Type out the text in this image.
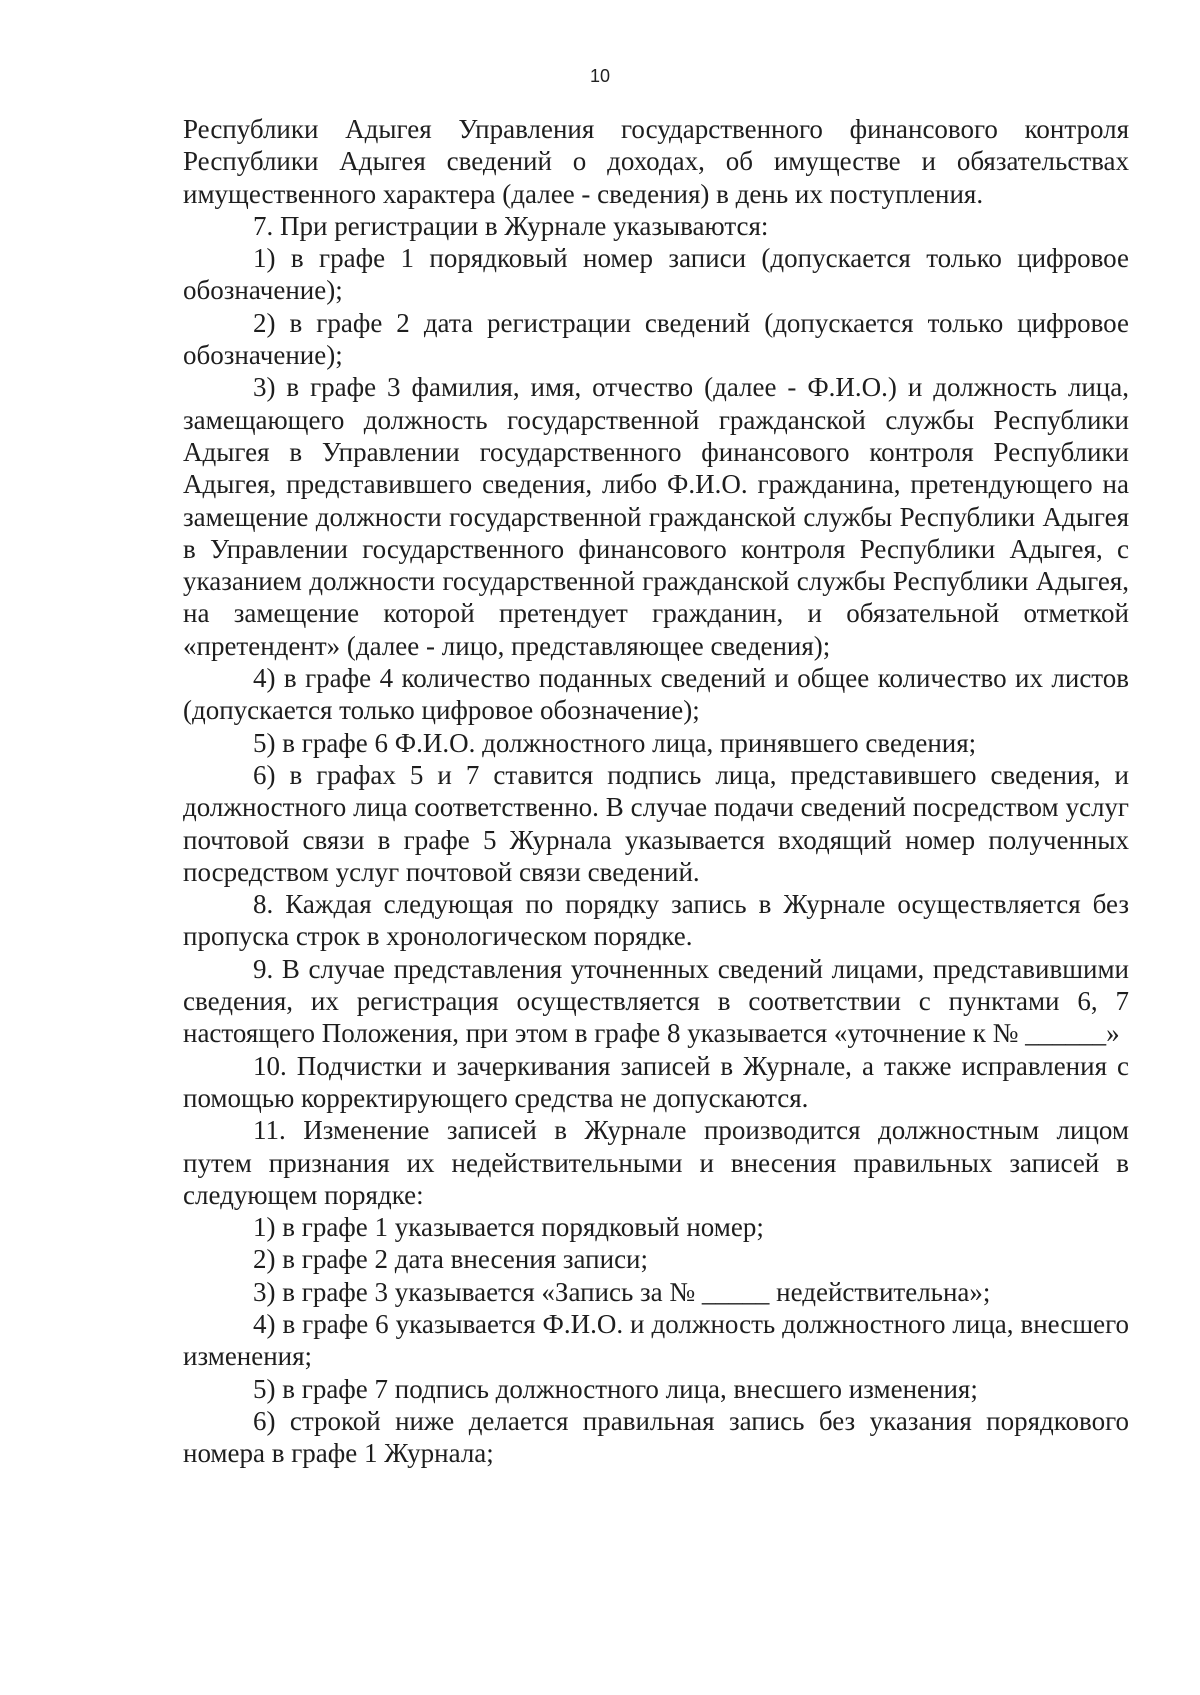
10

Республики Адыгея Управления государственного финансового контроля Республики Адыгея сведений о доходах, об имуществе и обязательствах имущественного характера (далее - сведения) в день их поступления.

7. При регистрации в Журнале указываются:

1) в графе 1 порядковый номер записи (допускается только цифровое обозначение);

2) в графе 2 дата регистрации сведений (допускается только цифровое обозначение);

3) в графе 3 фамилия, имя, отчество (далее - Ф.И.О.) и должность лица, замещающего должность государственной гражданской службы Республики Адыгея в Управлении государственного финансового контроля Республики Адыгея, представившего сведения, либо Ф.И.О. гражданина, претендующего на замещение должности государственной гражданской службы Республики Адыгея в Управлении государственного финансового контроля Республики Адыгея, с указанием должности государственной гражданской службы Республики Адыгея, на замещение которой претендует гражданин, и обязательной отметкой «претендент» (далее - лицо, представляющее сведения);

4) в графе 4 количество поданных сведений и общее количество их листов (допускается только цифровое обозначение);

5) в графе 6 Ф.И.О. должностного лица, принявшего сведения;

6) в графах 5 и 7 ставится подпись лица, представившего сведения, и должностного лица соответственно. В случае подачи сведений посредством услуг почтовой связи в графе 5 Журнала указывается входящий номер полученных посредством услуг почтовой связи сведений.

8. Каждая следующая по порядку запись в Журнале осуществляется без пропуска строк в хронологическом порядке.

9. В случае представления уточненных сведений лицами, представившими сведения, их регистрация осуществляется в соответствии с пунктами 6, 7 настоящего Положения, при этом в графе 8 указывается «уточнение к № ______»

10. Подчистки и зачеркивания записей в Журнале, а также исправления с помощью корректирующего средства не допускаются.

11. Изменение записей в Журнале производится должностным лицом путем признания их недействительными и внесения правильных записей в следующем порядке:

1) в графе 1 указывается порядковый номер;

2) в графе 2 дата внесения записи;

3) в графе 3 указывается «Запись за № _____ недействительна»;

4) в графе 6 указывается Ф.И.О. и должность должностного лица, внесшего изменения;

5) в графе 7 подпись должностного лица, внесшего изменения;

6) строкой ниже делается правильная запись без указания порядкового номера в графе 1 Журнала;
